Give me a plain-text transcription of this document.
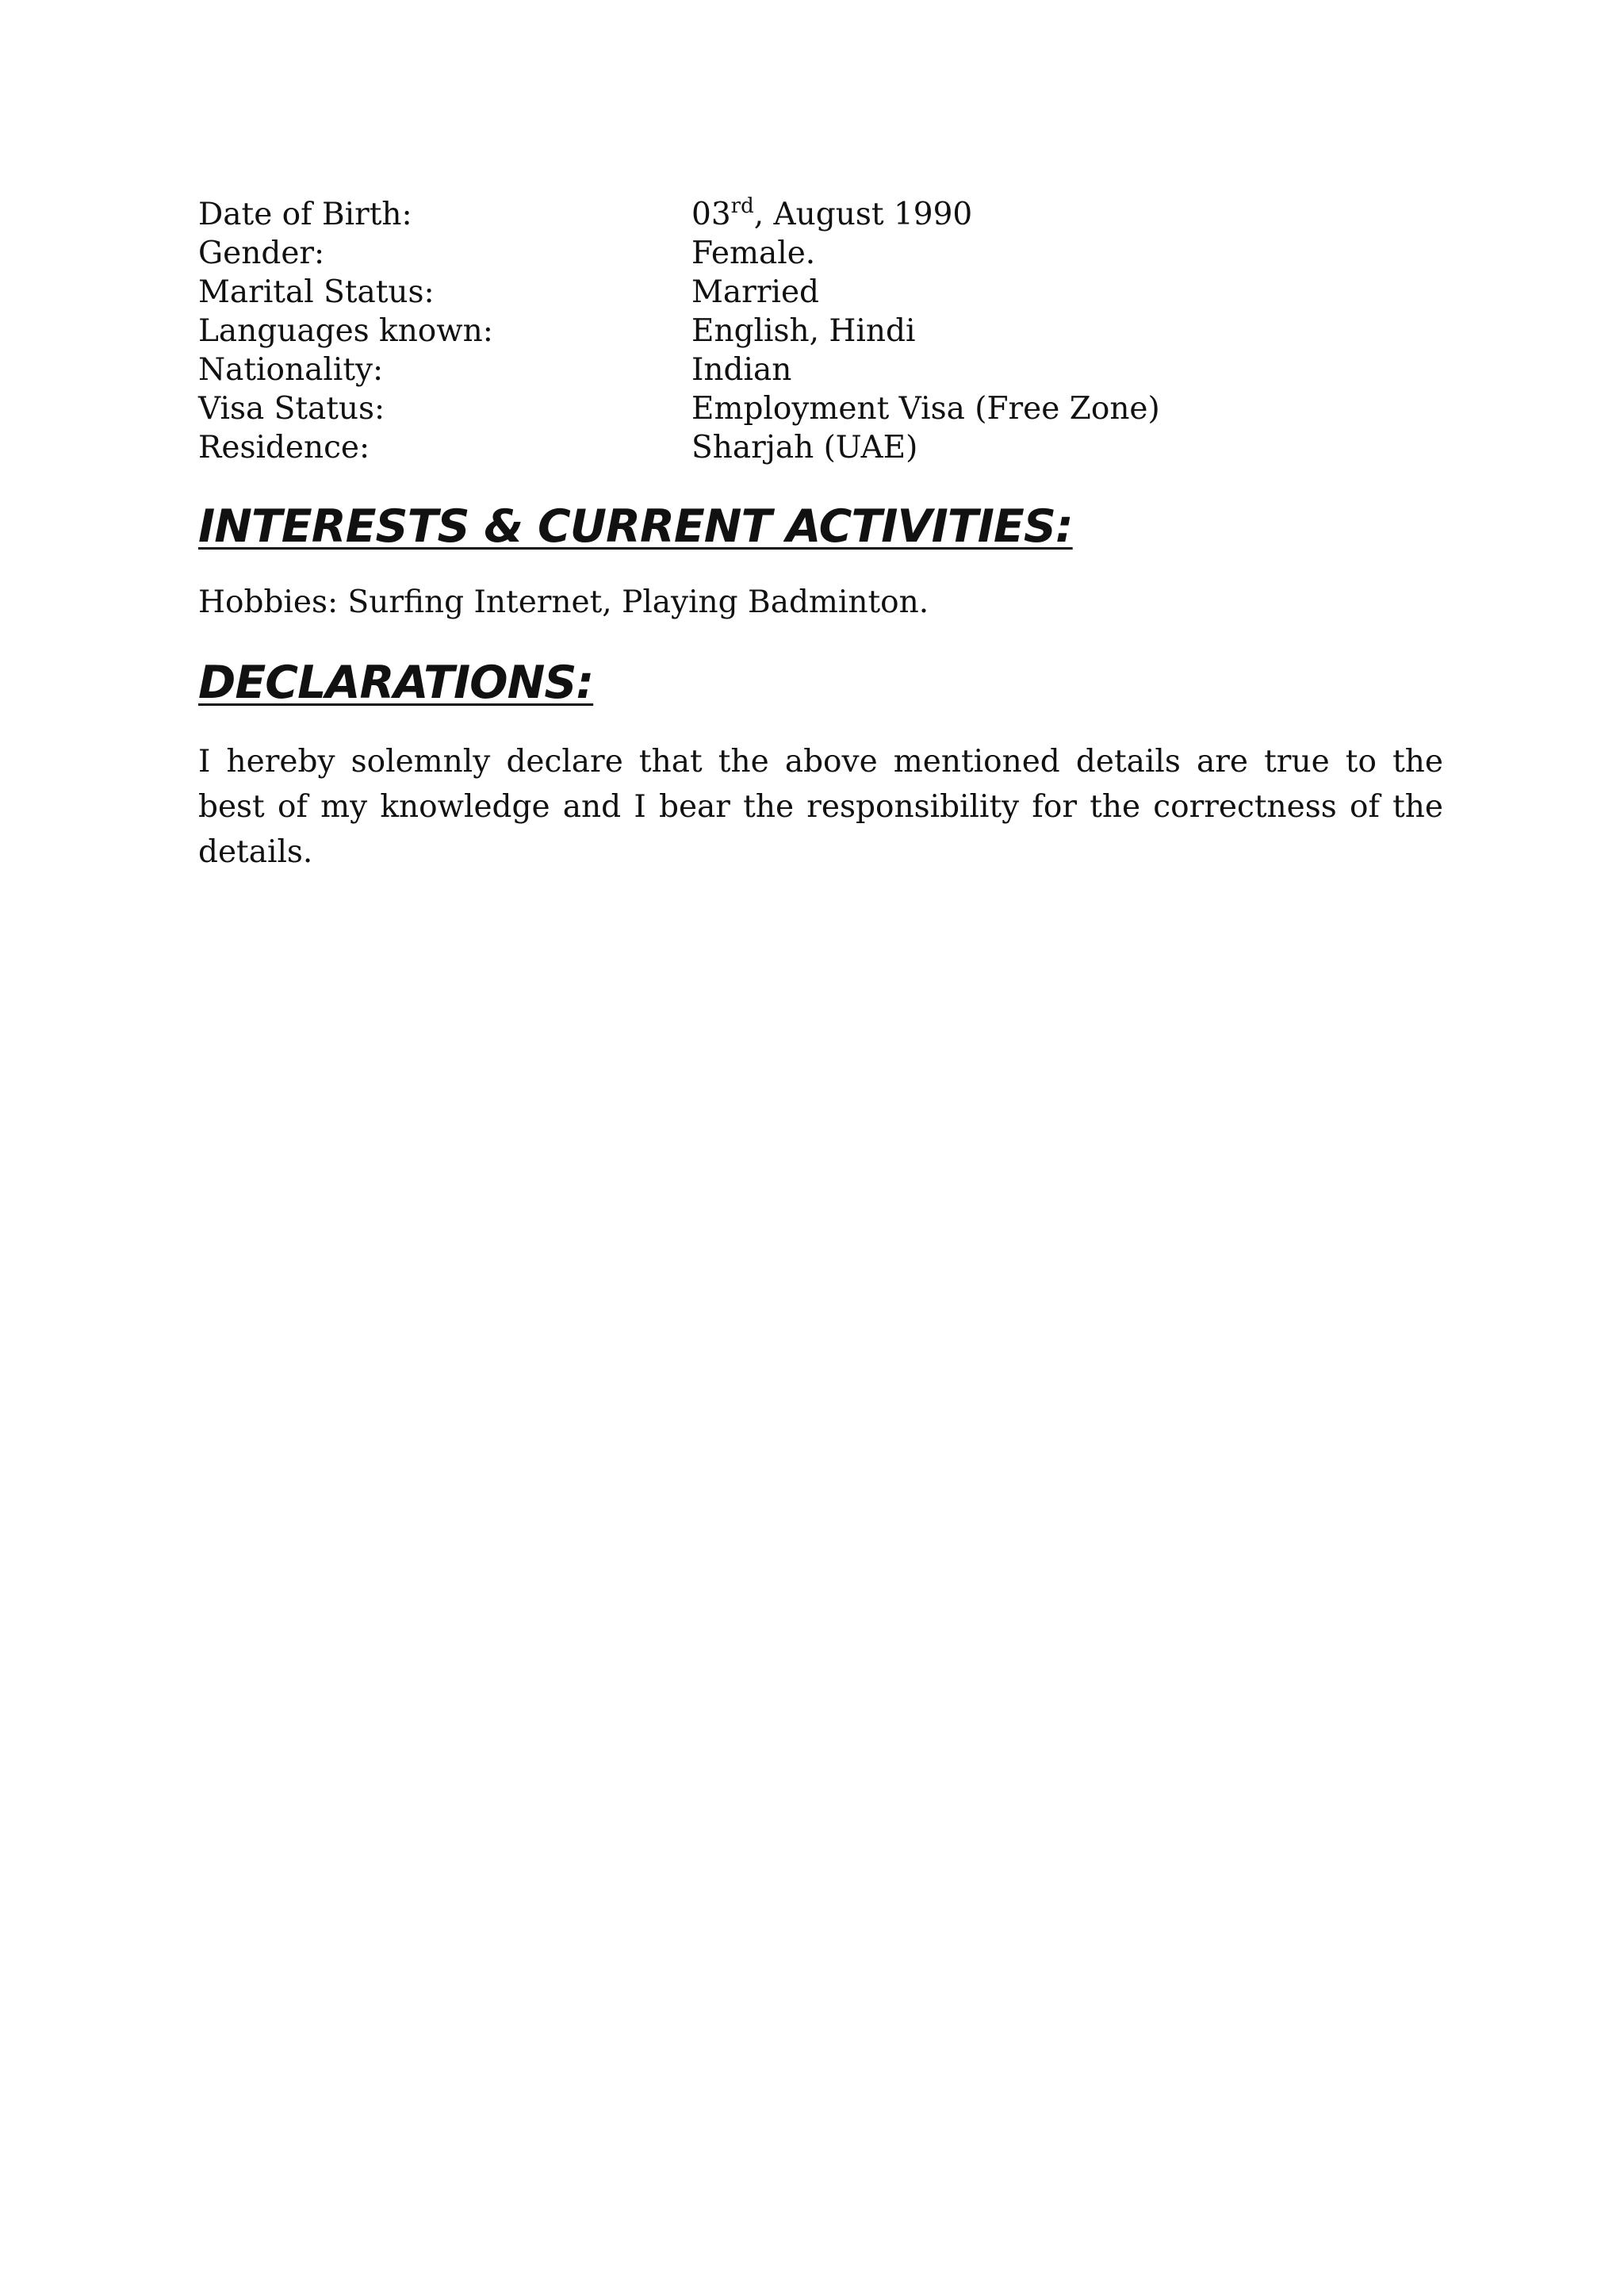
Date of Birth:	03rd, August 1990
Gender:	Female.
Marital Status:	Married
Languages known:	English, Hindi
Nationality:	Indian
Visa Status:	Employment Visa (Free Zone)
Residence:	Sharjah (UAE)
INTERESTS & CURRENT ACTIVITIES:

Hobbies: Surfing Internet, Playing Badminton.

DECLARATIONS:

I hereby solemnly declare that the above mentioned details are true to the best of my knowledge and I bear the responsibility for the correctness of the details.
